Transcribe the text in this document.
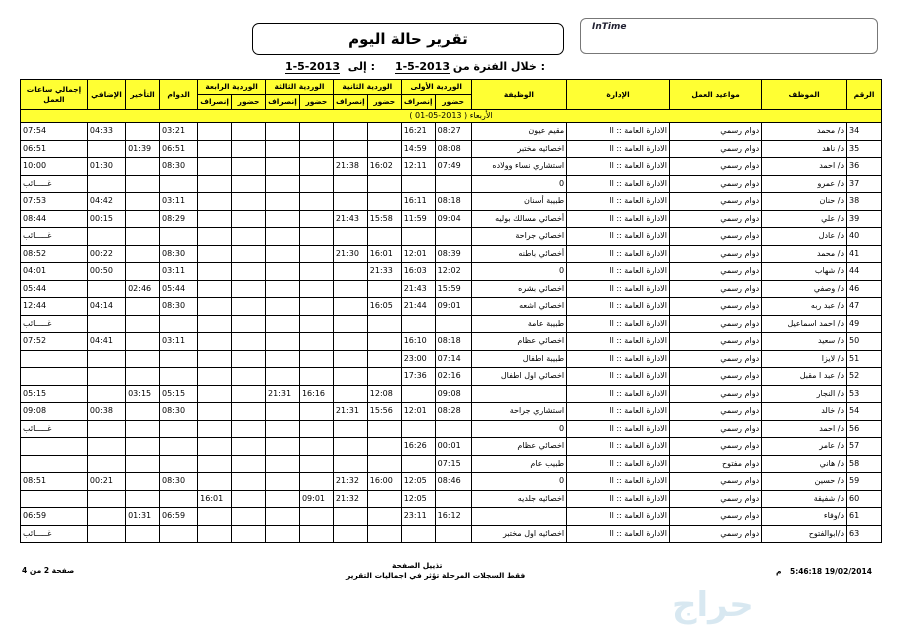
تقرير حالة اليوم
InTime
خلال الفترة من :
1-5-2013
إلى :
1-5-2013
الرقم	الموظف	مواعيد العمل	الإدارة	الوظيفة	الوردية الأولى		الوردية الثانية		الوردية الثالثة		الوردية الرابعة		الدوام	التأخير	الإضافي	إجمالي ساعات العمل
					حضور	إنصراف	حضور	إنصراف	حضور	إنصراف	حضور	إنصراف				
الأربعاء ( 2013-05-01 )																
34	د/ محمد	دوام رسمي	الادارة العامة :: اا	مقيم عيون	08:27	16:21							03:21		04:33	07:54
35	د/ ناهد	دوام رسمي	الادارة العامة :: اا	اخصائيه مختبر	08:08	14:59							06:51	01:39		06:51
36	د/ احمد	دوام رسمي	الادارة العامة :: اا	استشاري نساء وولاده	07:49	12:11	16:02	21:38					08:30		01:30	10:00
37	د/ عمرو	دوام رسمي	الادارة العامة :: اا	0												غـــــائب
38	د/ حنان	دوام رسمي	الادارة العامة :: اا	طبيبة أسنان	08:18	16:11							03:11		04:42	07:53
39	د/ علي	دوام رسمي	الادارة العامة :: اا	أخصائي مسالك بوليه	09:04	11:59	15:58	21:43					08:29		00:15	08:44
40	د/ عادل	دوام رسمي	الادارة العامة :: اا	اخصائي جراحة												غـــــائب
41	د/ محمد	دوام رسمي	الادارة العامة :: اا	أخصائي باطنه	08:39	12:01	16:01	21:30					08:30		00:22	08:52
44	د/ شهاب	دوام رسمي	الادارة العامة :: اا	0	12:02	16:03	21:33						03:11		00:50	04:01
46	د/ وصفي	دوام رسمي	الادارة العامة :: اا	اخصائي بشره	15:59	21:43							05:44	02:46		05:44
47	د/ عبد ربه	دوام رسمي	الادارة العامة :: اا	اخصائي اشعه	09:01	21:44	16:05						08:30		04:14	12:44
49	د/ احمد اسماعيل	دوام رسمي	الادارة العامة :: اا	طبيبة عامة												غـــــائب
50	د/ سعيد	دوام رسمي	الادارة العامة :: اا	اخصائي عظام	08:18	16:10							03:11		04:41	07:52
51	د/ لايزا	دوام رسمي	الادارة العامة :: اا	طبيبة اطفال	07:14	23:00										
52	د/ عبد ا مقبل	دوام رسمي	الادارة العامة :: اا	اخصائي اول اطفال	02:16	17:36										
53	د/ النجار	دوام رسمي	الادارة العامة :: اا		09:08		12:08		16:16	21:31			05:15	03:15		05:15
54	د/ خالد	دوام رسمي	الادارة العامة :: اا	استشاري جراحة	08:28	12:01	15:56	21:31					08:30		00:38	09:08
56	د/ احمد	دوام رسمي	الادارة العامة :: اا	0												غـــــائب
57	د/ عامر	دوام رسمي	الادارة العامة :: اا	اخصائي عظام	00:01	16:26										
58	د/ هاني	دوام مفتوح	الادارة العامة :: اا	طبيب عام	07:15											
59	د/ حسين	دوام رسمي	الادارة العامة :: اا	0	08:46	12:05	16:00	21:32					08:30		00:21	08:51
60	د/ شفيقة	دوام رسمي	الادارة العامة :: اا	اخصائيه جلديه		12:05		21:32	09:01			16:01				
61	د/وفاء	دوام رسمي	الادارة العامة :: اا		16:12	23:11							06:59	01:31		06:59
63	د/ابوالفتوح	دوام رسمي	الادارة العامة :: اا	اخصائيه اول مختبر												غـــــائب
صفحة 2 من 4
تذييل الصفحة
فقط السجلات المرحلة تؤثر في اجماليات التقرير	5:46:18 19/02/2014
م
حراج
